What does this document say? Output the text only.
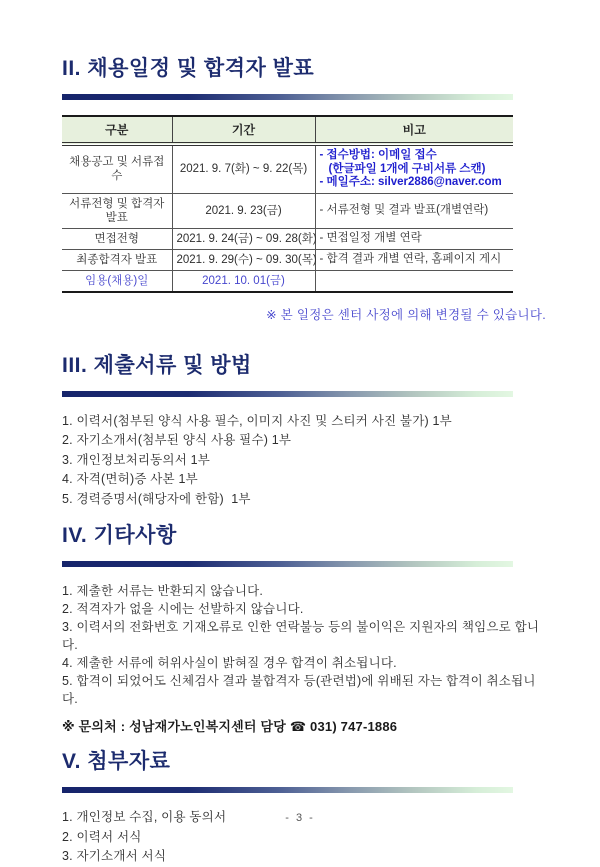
II. 채용일정 및 합격자 발표
구분	기간	비고
채용공고 및 서류접수	2021. 9. 7(화) ~ 9. 22(목)	- 접수방법: 이메일 접수
(한글파일 1개에 구비서류 스캔)
- 메일주소: silver2886@naver.com

서류전형 및 합격자 발표	2021. 9. 23(금)	- 서류전형 및 결과 발표(개별연락)

면접전형	2021. 9. 24(금) ~ 09. 28(화)	- 면접일정 개별 연락

최종합격자 발표	2021. 9. 29(수) ~ 09. 30(목)	- 합격 결과 개별 연락, 홈페이지 게시

임용(채용)일	2021. 10. 01(금)	
※ 본 일정은 센터 사정에 의해 변경될 수 있습니다.
III. 제출서류 및 방법
1. 이력서(첨부된 양식 사용 필수, 이미지 사진 및 스티커 사진 불가) 1부
2. 자기소개서(첨부된 양식 사용 필수) 1부
3. 개인정보처리동의서 1부
4. 자격(면허)증 사본 1부
5. 경력증명서(해당자에 한함)  1부
IV. 기타사항
1. 제출한 서류는 반환되지 않습니다.
2. 적격자가 없을 시에는 선발하지 않습니다.
3. 이력서의 전화번호 기재오류로 인한 연락불능 등의 불이익은 지원자의 책임으로 합니다.
4. 제출한 서류에 허위사실이 밝혀질 경우 합격이 취소됩니다.
5. 합격이 되었어도 신체검사 결과 불합격자 등(관련법)에 위배된 자는 합격이 취소됩니다.
※ 문의처 : 성남재가노인복지센터 담당 ☎ 031) 747-1886
V. 첨부자료
1. 개인정보 수집, 이용 동의서
2. 이력서 서식
3. 자기소개서 서식
- 3 -
